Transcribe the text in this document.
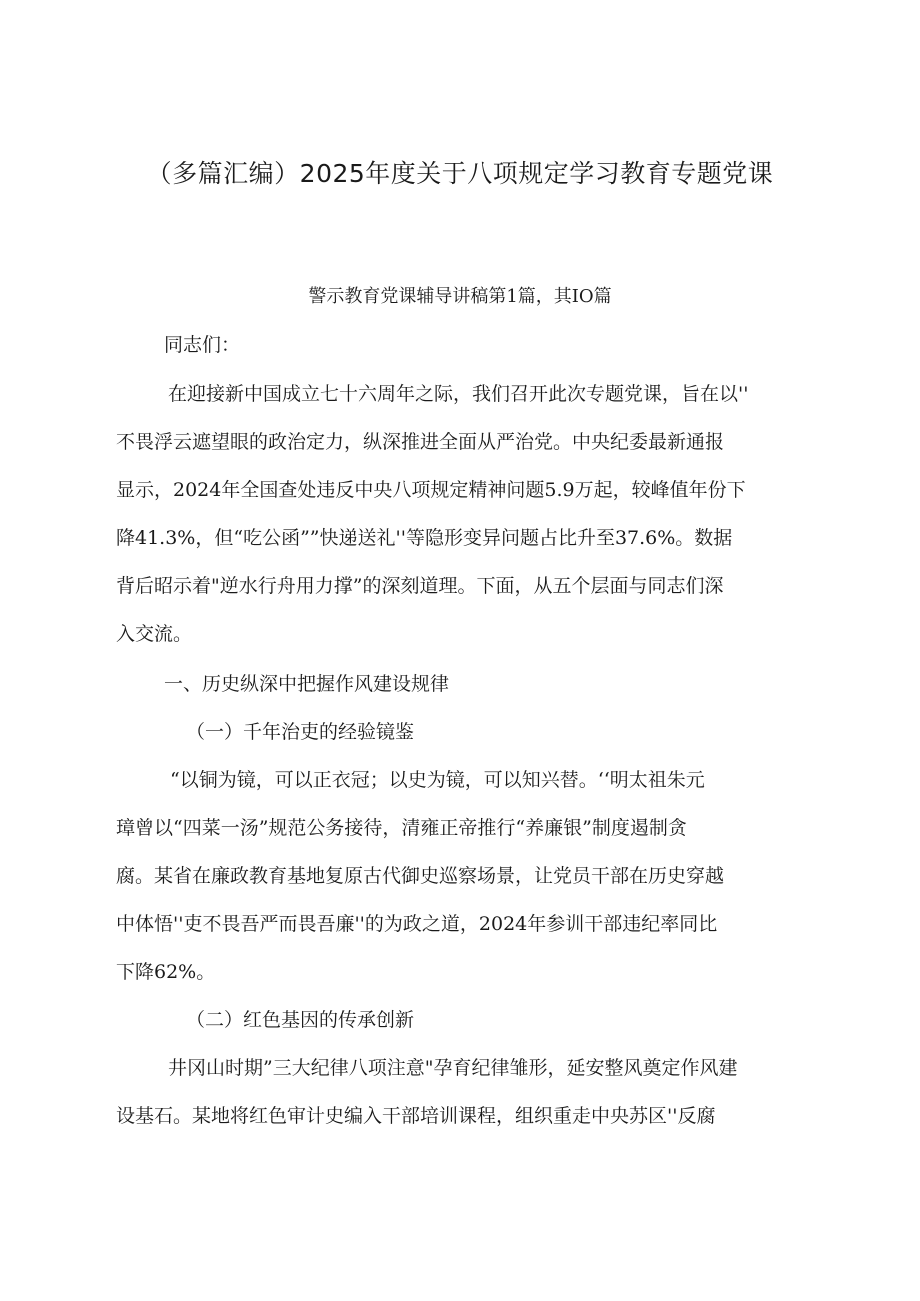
（多篇汇编）2025年度关于八项规定学习教育专题党课
警示教育党课辅导讲稿第1篇，其IO篇
同志们：
在迎接新中国成立七十六周年之际，我们召开此次专题党课，旨在以''
不畏浮云遮望眼的政治定力，纵深推进全面从严治党。中央纪委最新通报
显示，2024年全国查处违反中央八项规定精神问题5.9万起，较峰值年份下
降41.3%，但“吃公函””快递送礼''等隐形变异问题占比升至37.6%。数据
背后昭示着"逆水行舟用力撑”的深刻道理。下面，从五个层面与同志们深
入交流。
一、历史纵深中把握作风建设规律
（一）千年治吏的经验镜鉴
“以铜为镜，可以正衣冠；以史为镜，可以知兴替。‘‘明太祖朱元
璋曾以“四菜一汤”规范公务接待，清雍正帝推行“养廉银”制度遏制贪
腐。某省在廉政教育基地复原古代御史巡察场景，让党员干部在历史穿越
中体悟''吏不畏吾严而畏吾廉''的为政之道，2024年参训干部违纪率同比
下降62%。
（二）红色基因的传承创新
井冈山时期”三大纪律八项注意"孕育纪律雏形，延安整风奠定作风建
设基石。某地将红色审计史编入干部培训课程，组织重走中央苏区''反腐
